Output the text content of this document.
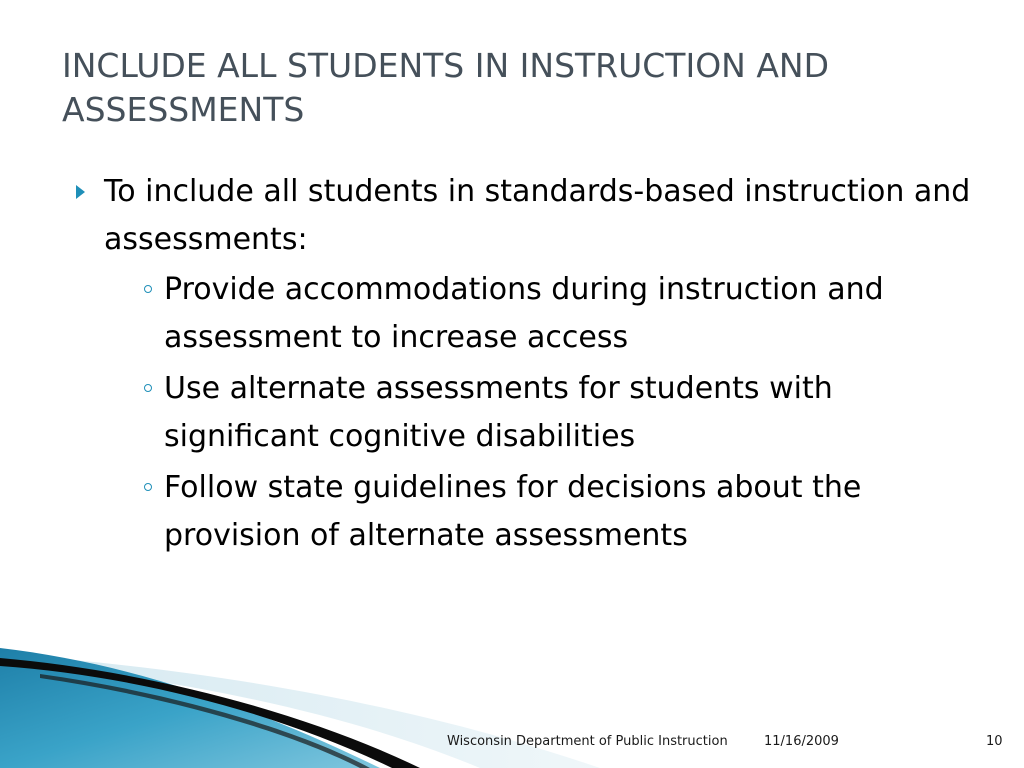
INCLUDE ALL STUDENTS IN INSTRUCTION AND ASSESSMENTS
To include all students in standards-based instruction and assessments:
Provide accommodations during instruction and assessment to increase access
Use alternate assessments for students with significant cognitive disabilities
Follow state guidelines for decisions about the provision of alternate assessments
Wisconsin Department of Public Instruction	11/16/2009	10
